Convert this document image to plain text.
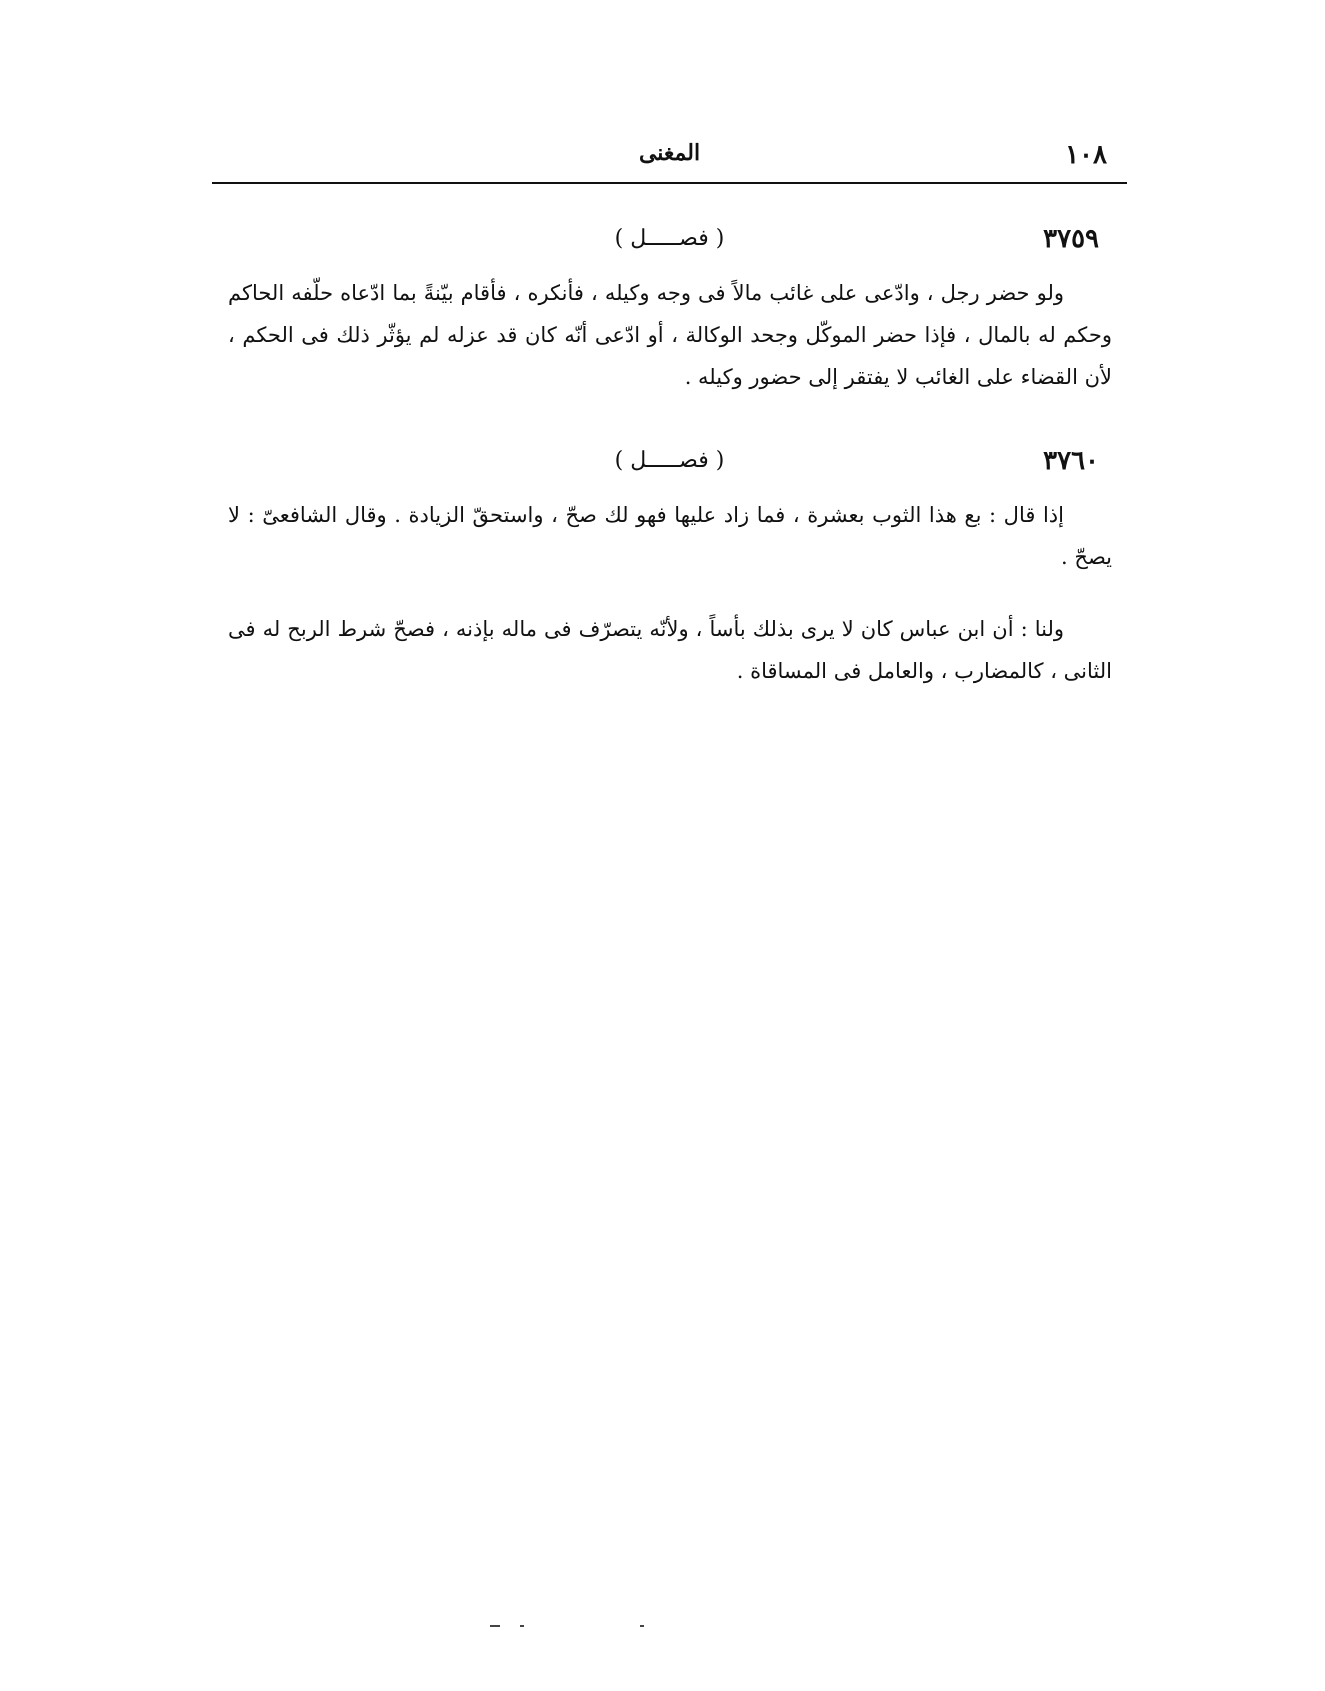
١٠٨
المغنى
٣٧٥٩
( فصـــــل )

ولو حضر رجل ، وادّعى على غائب مالاً فى وجه وكيله ، فأنكره ، فأقام بيّنةً بما ادّعاه حلّفه الحاكم وحكم له بالمال ، فإذا حضر الموكّل وجحد الوكالة ، أو ادّعى أنّه كان قد عزله لم يؤثّر ذلك فى الحكم ، لأن القضاء على الغائب لا يفتقر إلى حضور وكيله .

٣٧٦٠
( فصـــــل )

إذا قال : بع هذا الثوب بعشرة ، فما زاد عليها فهو لك صحّ ، واستحقّ الزيادة . وقال الشافعىّ : لا يصحّ .

ولنا : أن ابن عباس كان لا يرى بذلك بأساً ، ولأنّه يتصرّف فى ماله بإذنه ، فصحّ شرط الربح له فى الثانى ، كالمضارب ، والعامل فى المساقاة .
